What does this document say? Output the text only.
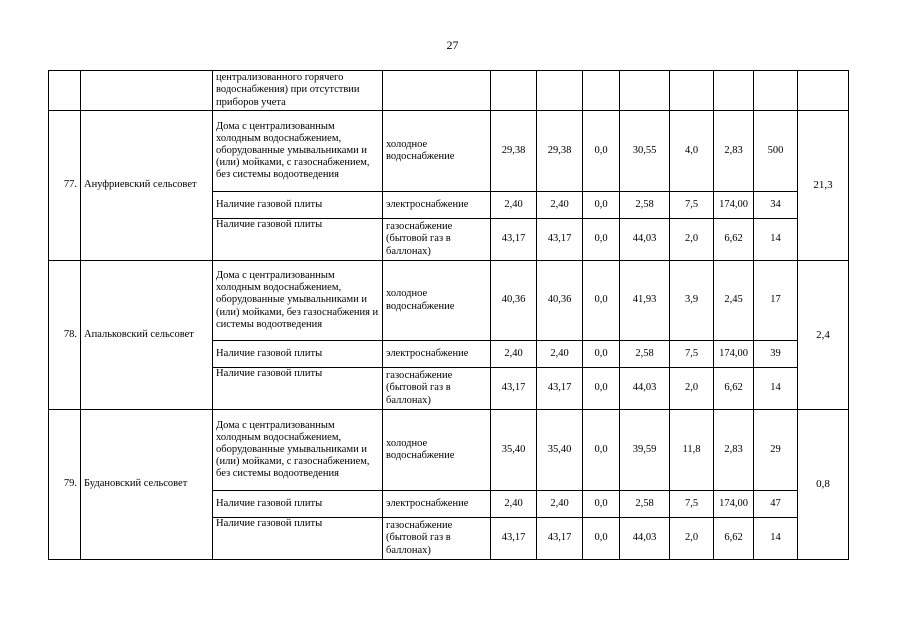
27
		централизованного горячего водоснабжения) при отсутствии приборов учета									
77.	Ануфриевский сельсовет	Дома с централизованным холодным водоснабжением, оборудованные умывальниками и (или) мойками, с газоснабжением, без системы водоотведения	холодное водоснабжение	29,38	29,38	0,0	30,55	4,0	2,83	500	21,3
		Наличие газовой плиты	электроснабжение	2,40	2,40	0,0	2,58	7,5	174,00	34	
		Наличие газовой плиты	газоснабжение (бытовой газ в баллонах)	43,17	43,17	0,0	44,03	2,0	6,62	14	
78.	Апальковский сельсовет	Дома с централизованным холодным водоснабжением, оборудованные умывальниками и (или) мойками, без газоснабжения и системы водоотведения	холодное водоснабжение	40,36	40,36	0,0	41,93	3,9	2,45	17	2,4
		Наличие газовой плиты	электроснабжение	2,40	2,40	0,0	2,58	7,5	174,00	39	
		Наличие газовой плиты	газоснабжение (бытовой газ в баллонах)	43,17	43,17	0,0	44,03	2,0	6,62	14	
79.	Будановский сельсовет	Дома с централизованным холодным водоснабжением, оборудованные умывальниками и (или) мойками, с газоснабжением, без системы водоотведения	холодное водоснабжение	35,40	35,40	0,0	39,59	11,8	2,83	29	0,8
		Наличие газовой плиты	электроснабжение	2,40	2,40	0,0	2,58	7,5	174,00	47	
		Наличие газовой плиты	газоснабжение (бытовой газ в баллонах)	43,17	43,17	0,0	44,03	2,0	6,62	14	
